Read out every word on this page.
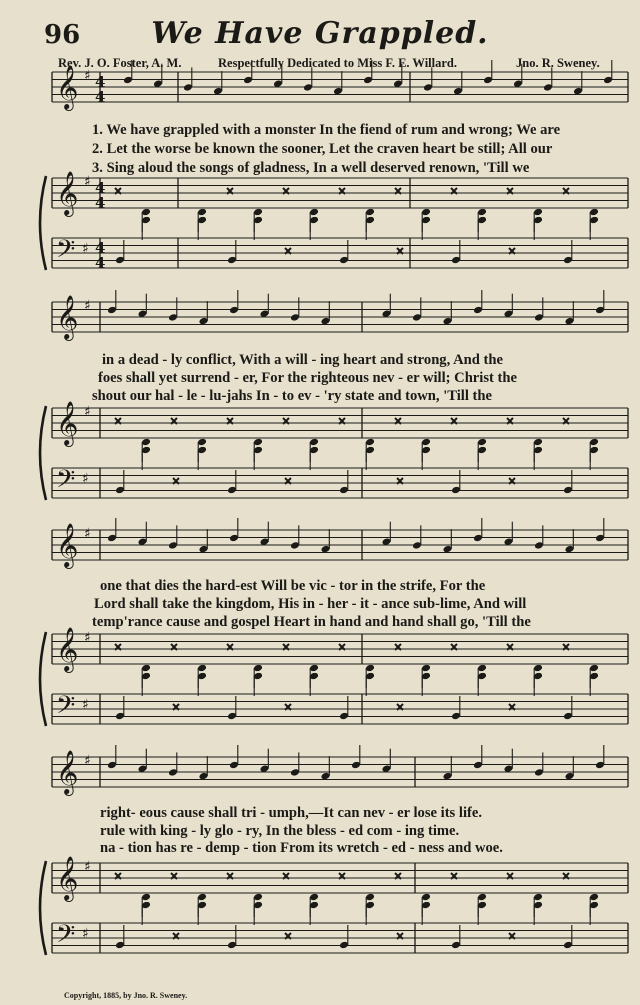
96	We Have Grappled.
Rev. J. O. Foster, A. M.	Respectfully Dedicated to Miss F. E. Willard.	Jno. R. Sweney.
𝄞
𝄞
𝄢
♯
♯
♯
4
4
4
4
4
4
𝄞
𝄞
𝄢
♯
♯
♯
𝄞
𝄞
𝄢
♯
♯
♯
𝄞
𝄞
𝄢
♯
♯
♯
1. We have grappled with a monster In the fiend of rum and wrong; We are
2. Let the worse be known the sooner, Let the craven heart be still; All our
3. Sing aloud the songs of gladness, In a well deserved renown, 'Till we
in a dead - ly conflict, With a will - ing heart and strong, And the
foes shall yet surrend - er, For the righteous nev - er will; Christ the
shout our hal - le - lu-jahs In - to ev - 'ry state and town, 'Till the
one that dies the hard-est Will be vic - tor in the strife, For the
Lord shall take the kingdom, His in - her - it - ance sub-lime, And will
temp'rance cause and gospel Heart in hand and hand shall go, 'Till the
right- eous cause shall tri - umph,—It can nev - er lose its life.
rule with king - ly glo - ry, In the bless - ed com - ing time.
na - tion has re - demp - tion From its wretch - ed - ness and woe.
Copyright, 1885, by Jno. R. Sweney.
